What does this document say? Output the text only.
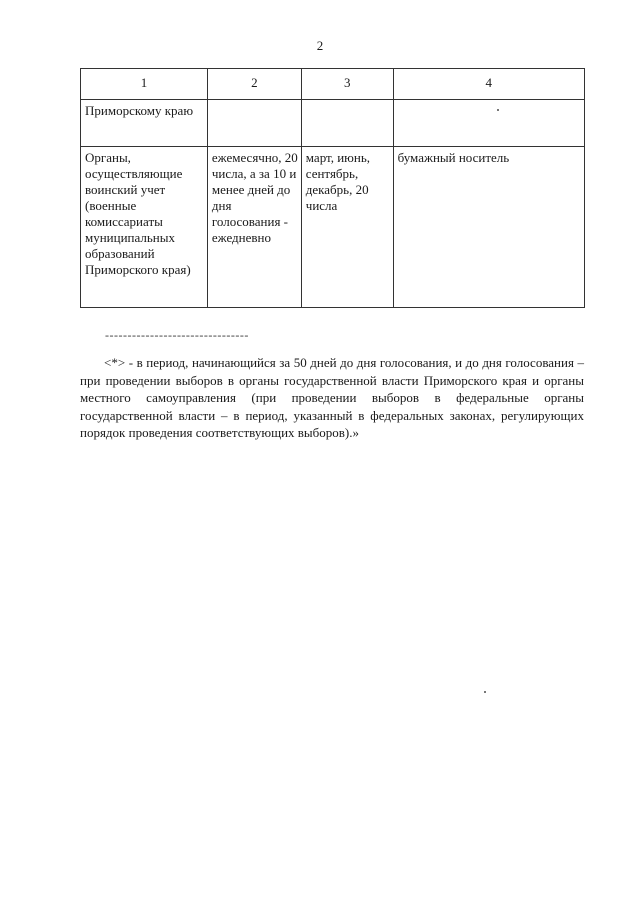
2
1	2	3	4
Приморскому краю			
Органы, осуществляющие воинский учет (военные комиссариаты муниципальных образований Приморского края)	ежемесячно, 20 числа, а за 10 и менее дней до дня голосования - ежедневно	март, июнь, сентябрь, декабрь, 20 числа	бумажный носитель
--------------------------------
<*> - в период, начинающийся за 50 дней до дня голосования, и до дня голосования – при проведении выборов в органы государственной власти Приморского края и органы местного самоуправления (при проведении выборов в федеральные органы государственной власти – в период, указанный в федеральных законах, регулирующих порядок проведения соответствующих выборов).»
